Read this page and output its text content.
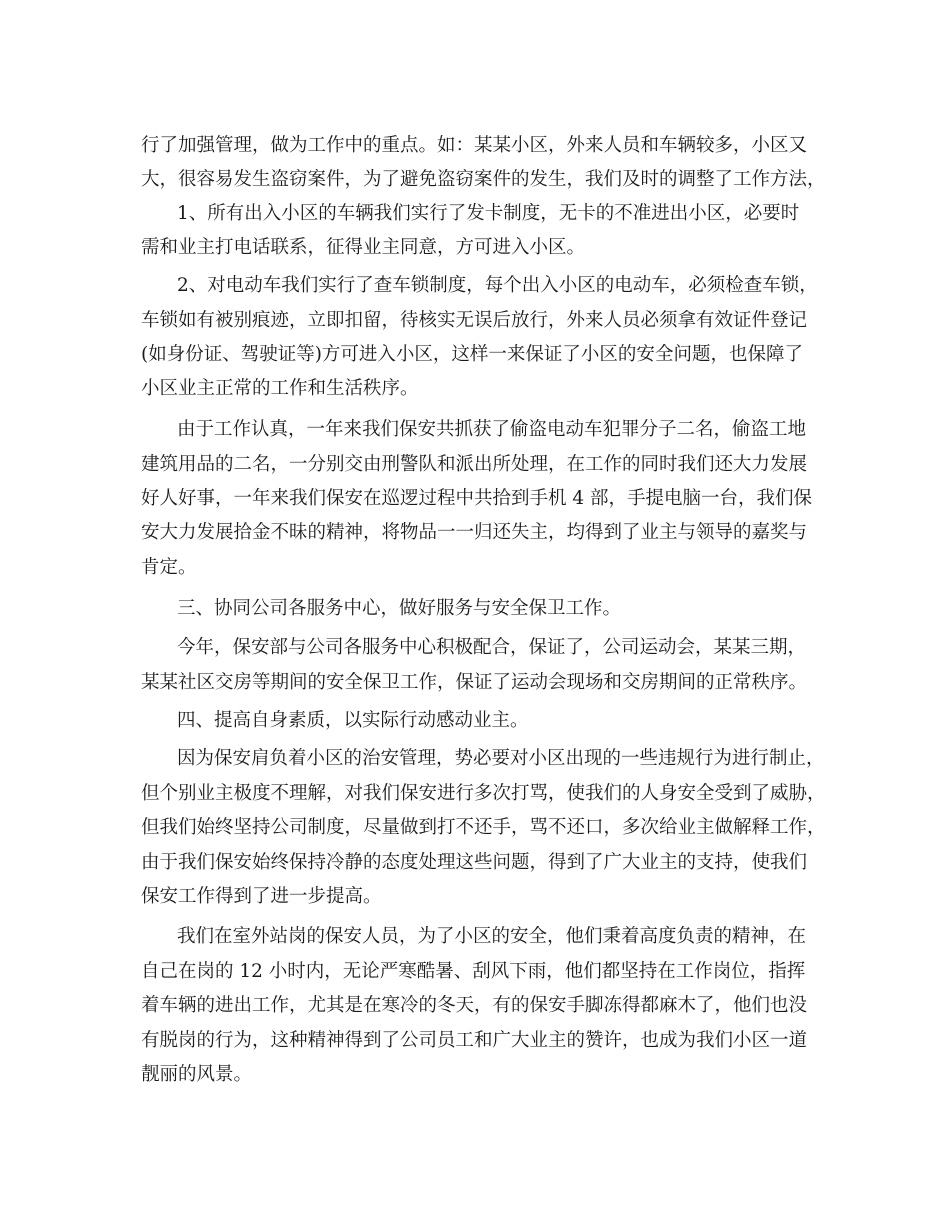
行了加强管理，做为工作中的重点。如：某某小区，外来人员和车辆较多，小区又
大，很容易发生盗窃案件，为了避免盗窃案件的发生，我们及时的调整了工作方法，
1、所有出入小区的车辆我们实行了发卡制度，无卡的不准进出小区，必要时
需和业主打电话联系，征得业主同意，方可进入小区。
2、对电动车我们实行了查车锁制度，每个出入小区的电动车，必须检查车锁，
车锁如有被别痕迹，立即扣留，待核实无误后放行，外来人员必须拿有效证件登记
(如身份证、驾驶证等)方可进入小区，这样一来保证了小区的安全问题，也保障了
小区业主正常的工作和生活秩序。
由于工作认真，一年来我们保安共抓获了偷盗电动车犯罪分子二名，偷盗工地
建筑用品的二名，一分别交由刑警队和派出所处理，在工作的同时我们还大力发展
好人好事，一年来我们保安在巡逻过程中共拾到手机 4 部，手提电脑一台，我们保
安大力发展拾金不昧的精神，将物品一一归还失主，均得到了业主与领导的嘉奖与
肯定。
三、协同公司各服务中心，做好服务与安全保卫工作。
今年，保安部与公司各服务中心积极配合，保证了，公司运动会，某某三期，
某某社区交房等期间的安全保卫工作，保证了运动会现场和交房期间的正常秩序。
四、提高自身素质，以实际行动感动业主。
因为保安肩负着小区的治安管理，势必要对小区出现的一些违规行为进行制止，
但个别业主极度不理解，对我们保安进行多次打骂，使我们的人身安全受到了威胁，
但我们始终坚持公司制度，尽量做到打不还手，骂不还口，多次给业主做解释工作，
由于我们保安始终保持冷静的态度处理这些问题，得到了广大业主的支持，使我们
保安工作得到了进一步提高。
我们在室外站岗的保安人员，为了小区的安全，他们秉着高度负责的精神，在
自己在岗的 12 小时内，无论严寒酷暑、刮风下雨，他们都坚持在工作岗位，指挥
着车辆的进出工作，尤其是在寒冷的冬天，有的保安手脚冻得都麻木了，他们也没
有脱岗的行为，这种精神得到了公司员工和广大业主的赞许，也成为我们小区一道
靓丽的风景。
